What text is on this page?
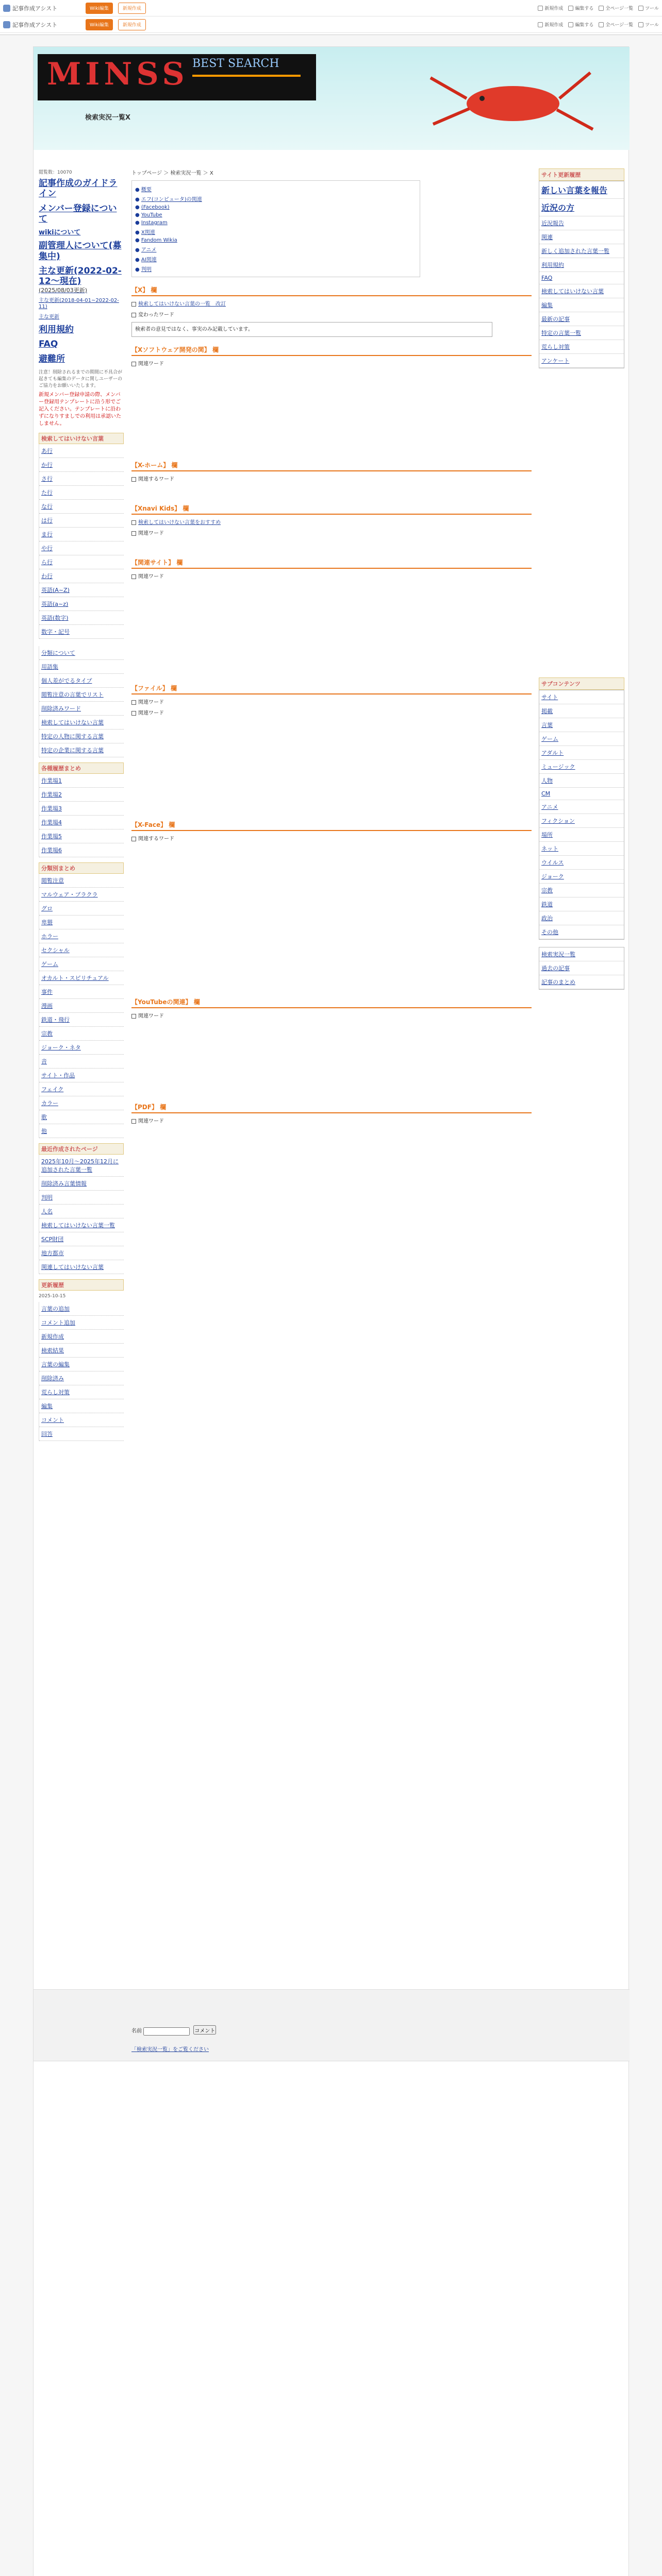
記事作成アシスト	Wiki編集	新規作成	新規作成	編集する	全ページ一覧	ツール
記事作成アシスト	Wiki編集	新規作成	新規作成	編集する	全ページ一覧	ツール
MINSS BEST SEARCH
検索実況一覧X
閲覧数：10070
記事作成のガイドライン
メンバー登録について
wikiについて
副管理人について(募集中)
主な更新(2022-02-12～現在)
(2025/08/03更新)
主な更新(2018-04-01~2022-02-11)
主な更新
利用規約
FAQ
避難所
注意！削除されるまでの期間に不具合が起きても編集のデータに関しユーザーのご協力をお願いいたします。
新規メンバー登録申請の際、メンバー登録用テンプレートに沿う形でご記入ください。テンプレートに沿わずになりすましでの利用は承認いたしません。
検索してはいけない言葉
あ行
か行
さ行
た行
な行
は行
ま行
や行
ら行
わ行
英語(A~Z)
英語(a~z)
英語(数字)
数字・記号
分類について
用語集
個人差がでるタイプ
閲覧注意の言葉でリスト
削除済みワード
検索してはいけない言葉
特定の人物に関する言葉
特定の企業に関する言葉
各種履歴まとめ
作業場1
作業場2
作業場3
作業場4
作業場5
作業場6
分類別まとめ
閲覧注意
マルウェア・ブラクラ
グロ
卑猥
ホラー
セクシャル
ゲーム
オカルト・スピリチュアル
事件
漫画
鉄道・飛行
宗教
ジョーク・ネタ
音
サイト・作品
フェイク
カラー
歌
他
最近作成されたページ
2025年10月～2025年12月に追加された言葉一覧
削除済み言葉情報
判明
人名
検索してはいけない言葉一覧
SCP財団
地方都市
関連してはいけない言葉
更新履歴
2025-10-15
言葉の追加
コメント追加
新規作成
検索結果
言葉の編集
削除済み
荒らし対策
編集
コメント
回答
トップページ ＞ 検索実況一覧 ＞ X
● 概要
● エフ(コンピュータ)の関連
● (Facebook)
● YouTube
● Instagram
● X関連
● Fandom Wikia
● アニメ
● AI関連
● 判明
【X】 欄
検索してはいけない言葉の一覧　改訂
変わったワード
検索者の意見ではなく、事実のみ記載しています。
【Xソフトウェア開発の関】 欄
関連ワード
【X-ホーム】 欄
関連するワード
【Xnavi Kids】 欄
検索してはいけない言葉をおすすめ
関連ワード
【関連サイト】 欄
関連ワード
【ファイル】 欄
関連ワード
関連ワード
【X-Face】 欄
関連するワード
【YouTubeの関連】 欄
関連ワード
【PDF】 欄
関連ワード
名前	コメント
「検索実況一覧」をご覧ください
サイト更新履歴
新しい言葉を報告
近況の方
近況報告
関連
新しく追加された言葉一覧
利用規約
FAQ
検索してはいけない言葉
編集
最新の記事
特定の言葉一覧
荒らし対策
アンケート
サブコンテンツ
サイト
掲載
言葉
ゲーム
アダルト
ミュージック
人物
CM
アニメ
フィクション
場所
ネット
ウイルス
ジョーク
宗教
鉄道
政治
その他
検索実況一覧
過去の記事
記事のまとめ
